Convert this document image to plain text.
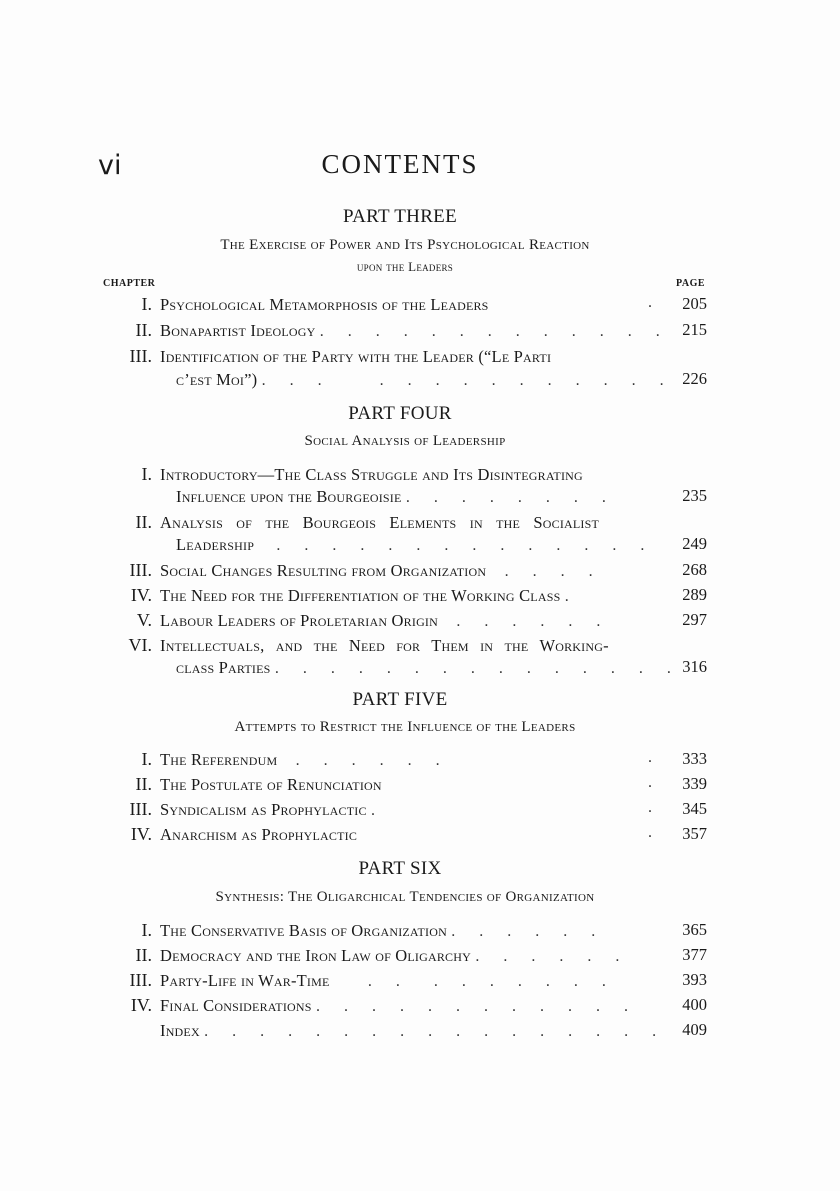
vi	CONTENTS
PART THREE
The Exercise of Power and Its Psychological Reaction
upon the Leaders
CHAPTER	PAGE
I. Psychological Metamorphosis of the Leaders	.	205
II. Bonapartist Ideology . . . . . . . . . . . . . 215
III. Identification of the Party with the Leader (“Le Parti
c’est Moi”) . . .	. . . . . . . . . . . 226
PART FOUR
Social Analysis of Leadership
I. Introductory—The Class Struggle and Its Disintegrating
Influence upon the Bourgeoisie . . . . . . . .	235
II. Analysis of the Bourgeois Elements in the Socialist
Leadership . . . . . . . . . . . . . .	249
III. Social Changes Resulting from Organization . . . .	268
IV. The Need for the Differentiation of the Working Class .	289
V. Labour Leaders of Proletarian Origin . . . . . .	297
VI. Intellectuals, and the Need for Them in the Working-
class Parties . . . . . . . . . . . . . . . 316
PART FIVE
Attempts to Restrict the Influence of the Leaders
I. The Referendum . . . . . .	.	333
II. The Postulate of Renunciation	.	339
III. Syndicalism as Prophylactic .	.	345
IV. Anarchism as Prophylactic	.	357
PART SIX
Synthesis: The Oligarchical Tendencies of Organization
I. The Conservative Basis of Organization . . . . . .	365
II. Democracy and the Iron Law of Oligarchy . . . . . .	377
III. Party-Life in War-Time . . . . . . . . .	393
IV. Final Considerations . . . . . . . . . . . .	400
Index . . . . . . . . . . . . . . . . . 409
